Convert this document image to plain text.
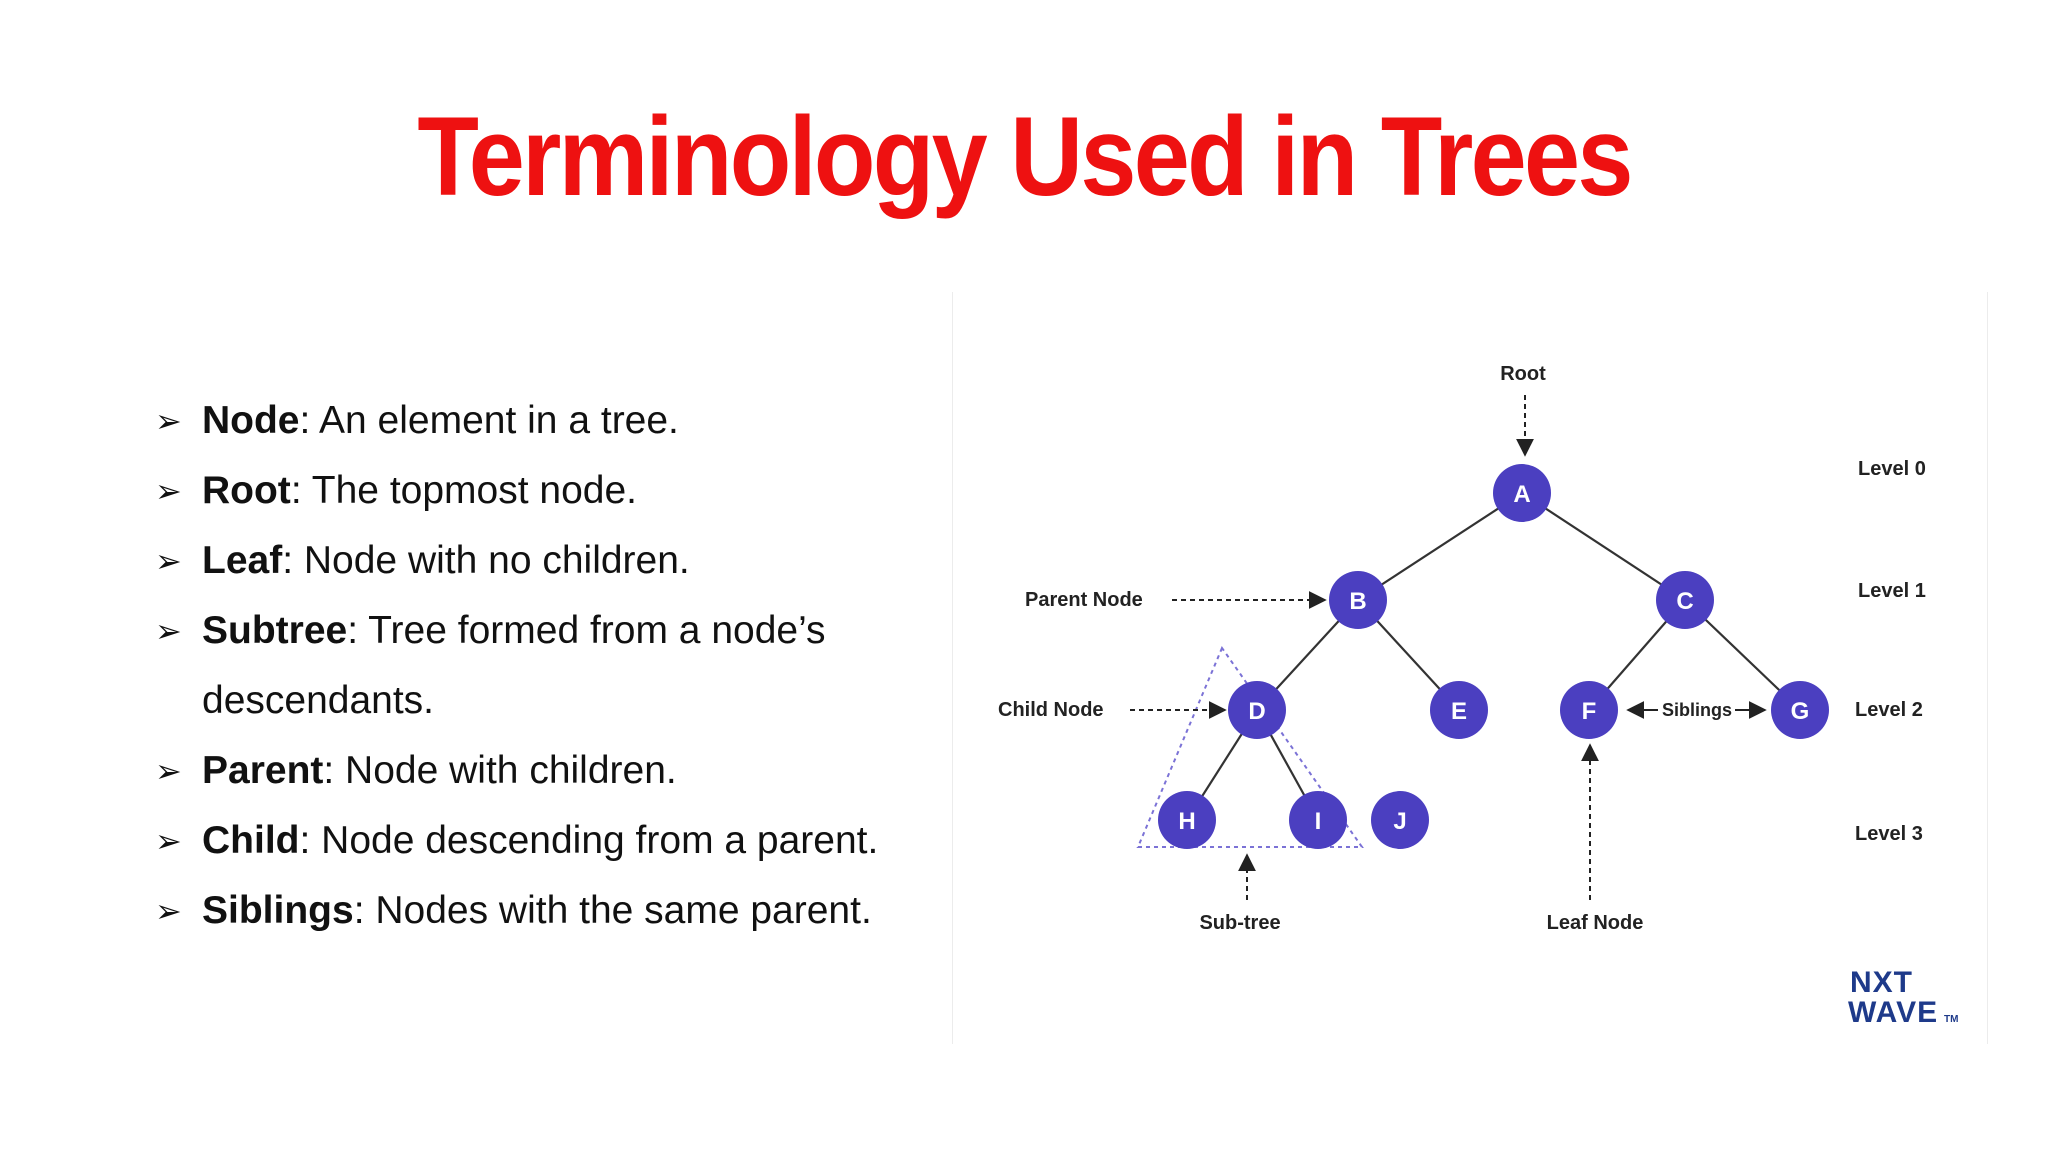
Terminology Used in Trees
➢ Node: An element in a tree.
➢ Root: The topmost node.
➢ Leaf: Node with no children.
➢ Subtree: Tree formed from a node’s
descendants.
➢ Parent: Node with children.
➢ Child: Node descending from a parent.
➢ Siblings: Nodes with the same parent.
A
B	C
D	E	F	G
H	I	J
Root
Parent Node
Child Node	Siblings
Sub-tree	Leaf Node
Level 0
Level 1
Level 2
Level 3
NXT
WAVE TM
